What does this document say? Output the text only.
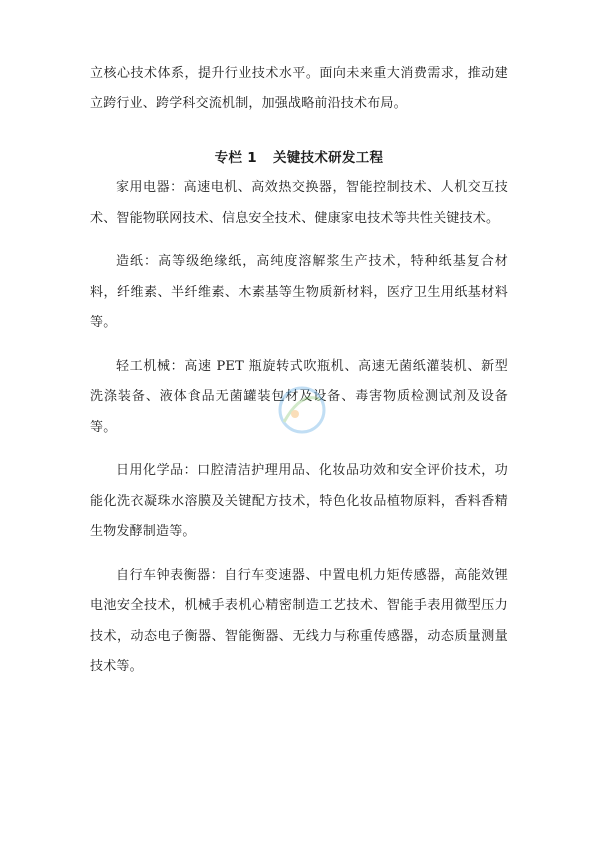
立核心技术体系，提升行业技术水平。面向未来重大消费需求，推动建立跨行业、跨学科交流机制，加强战略前沿技术布局。
专栏 1 关键技术研发工程

家用电器：高速电机、高效热交换器，智能控制技术、人机交互技术、智能物联网技术、信息安全技术、健康家电技术等共性关键技术。

造纸：高等级绝缘纸，高纯度溶解浆生产技术，特种纸基复合材料，纤维素、半纤维素、木素基等生物质新材料，医疗卫生用纸基材料等。

轻工机械：高速 PET 瓶旋转式吹瓶机、高速无菌纸灌装机、新型洗涤装备、液体食品无菌罐装包材及设备、毒害物质检测试剂及设备等。

日用化学品：口腔清洁护理用品、化妆品功效和安全评价技术，功能化洗衣凝珠水溶膜及关键配方技术，特色化妆品植物原料，香料香精生物发酵制造等。

自行车钟表衡器：自行车变速器、中置电机力矩传感器，高能效锂电池安全技术，机械手表机心精密制造工艺技术、智能手表用微型压力技术，动态电子衡器、智能衡器、无线力与称重传感器，动态质量测量技术等。
